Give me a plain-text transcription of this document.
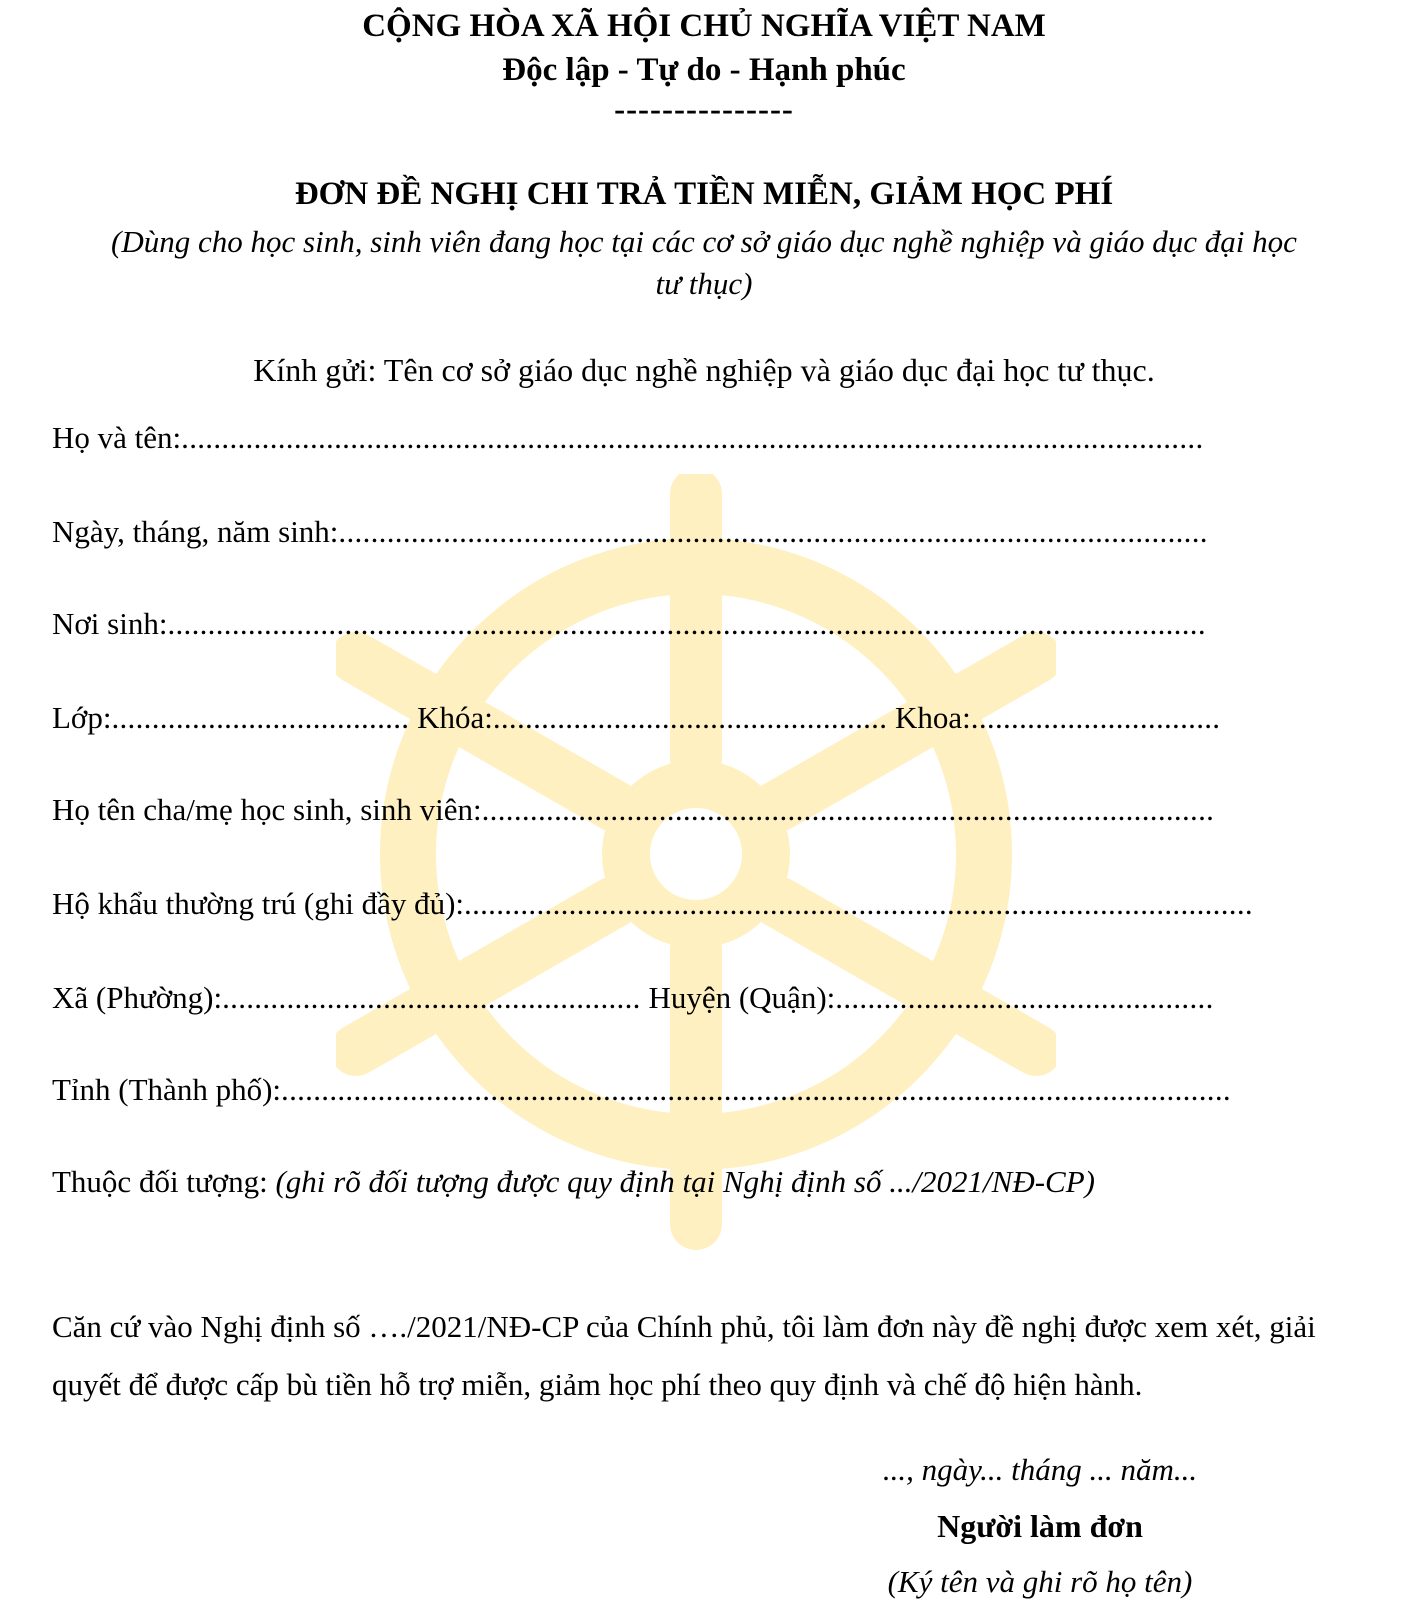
CỘNG HÒA XÃ HỘI CHỦ NGHĨA VIỆT NAM
Độc lập - Tự do - Hạnh phúc
---------------
ĐƠN ĐỀ NGHỊ CHI TRẢ TIỀN MIỄN, GIẢM HỌC PHÍ
(Dùng cho học sinh, sinh viên đang học tại các cơ sở giáo dục nghề nghiệp và giáo dục đại học
tư thục)
Kính gửi: Tên cơ sở giáo dục nghề nghiệp và giáo dục đại học tư thục.
Họ và tên:...............................................................................................................................
Ngày, tháng, năm sinh:............................................................................................................
Nơi sinh:.................................................................................................................................
Lớp:..................................... Khóa:................................................. Khoa:...............................
Họ tên cha/mẹ học sinh, sinh viên:...........................................................................................
Hộ khẩu thường trú (ghi đầy đủ):..................................................................................................
Xã (Phường):.................................................... Huyện (Quận):...............................................
Tỉnh (Thành phố):......................................................................................................................
Thuộc đối tượng: (ghi rõ đối tượng được quy định tại Nghị định số .../2021/NĐ-CP)
Căn cứ vào Nghị định số …./2021/NĐ-CP của Chính phủ, tôi làm đơn này đề nghị được xem xét, giải quyết để được cấp bù tiền hỗ trợ miễn, giảm học phí theo quy định và chế độ hiện hành.
..., ngày... tháng ... năm...
Người làm đơn
(Ký tên và ghi rõ họ tên)
